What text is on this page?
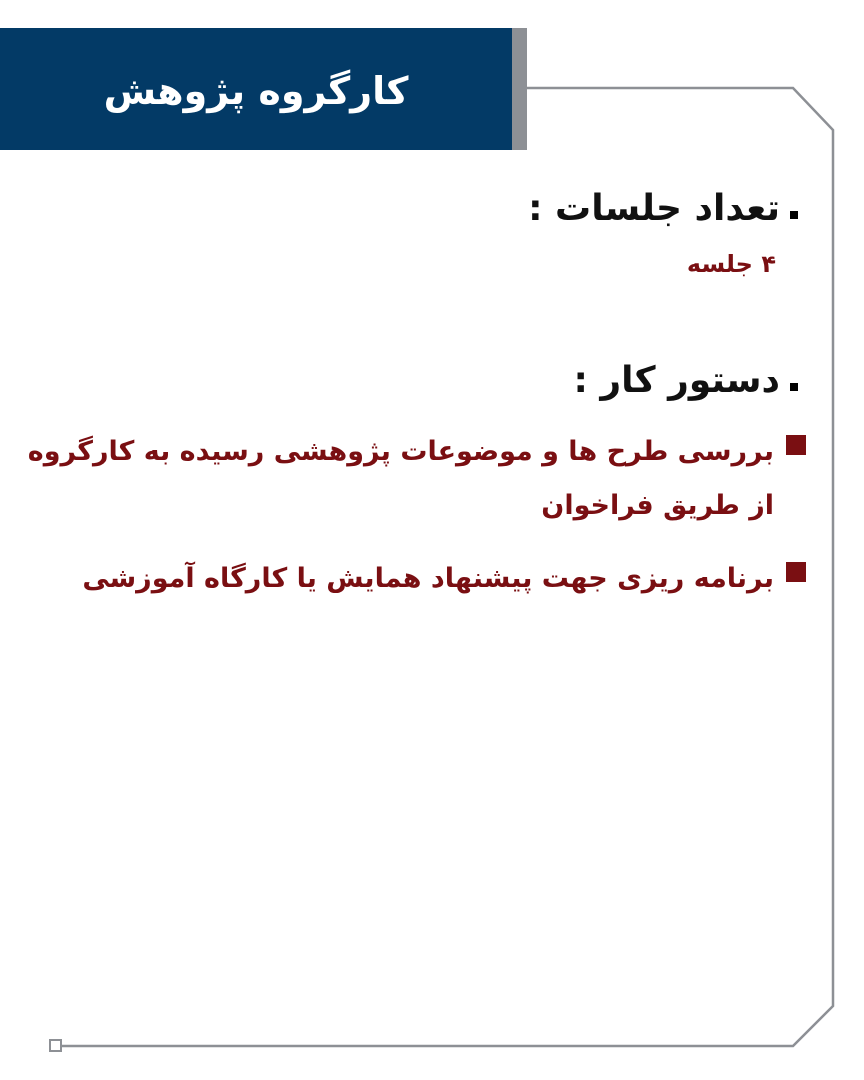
کارگروه پژوهش
تعداد جلسات :
۴ جلسه
دستور کار :
بررسی طرح ها و موضوعات پژوهشی رسیده به کارگروه
از طریق فراخوان
برنامه ریزی جهت پیشنهاد همایش یا کارگاه آموزشی
